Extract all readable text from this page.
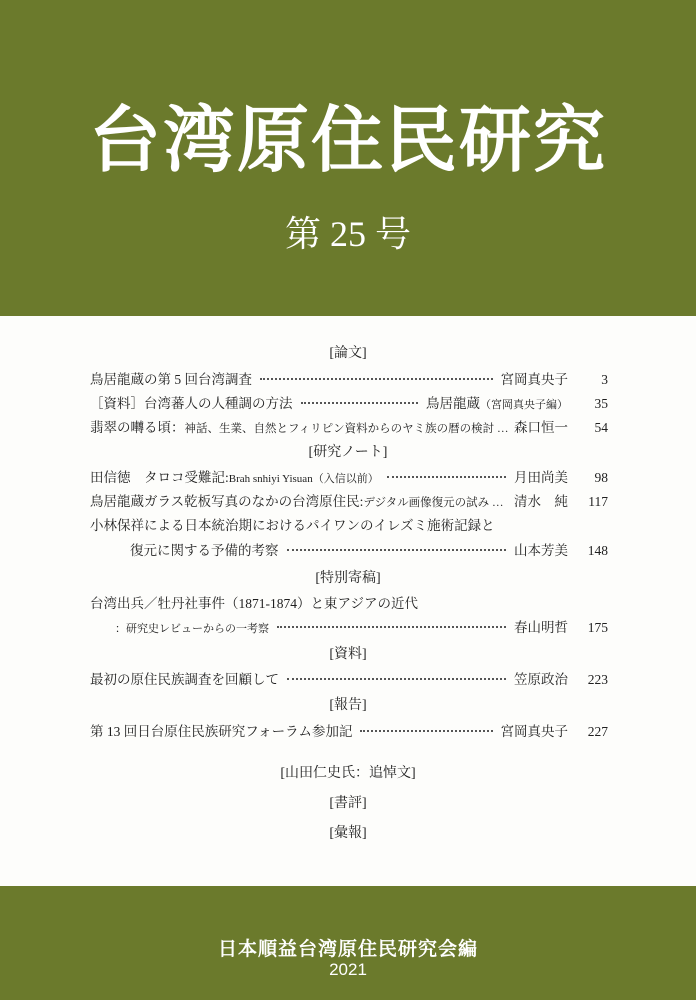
台湾原住民研究
第 25 号
[論文]
鳥居龍蔵の第 5 回台湾調査	宮岡真央子	3
［資料］台湾蕃人の人種調の方法	鳥居龍蔵 （宮岡真央子編）	35
翡翠の囀る頃： 神話、生業、自然とフィリピン資料からのヤミ族の暦の検討 … 森口恒一	54
[研究ノート]
田信徳　タロコ受難記: Brah snhiyi Yisuan（入信以前）	月田尚美	98
鳥居龍蔵ガラス乾板写真のなかの台湾原住民: デジタル画像復元の試み … 清水　純	117
小林保祥による日本統治期におけるパイワンのイレズミ施術記録と
復元に関する予備的考察	山本芳美	148
[特別寄稿]
台湾出兵／牡丹社事件（1871-1874）と東アジアの近代
：研究史レビューからの一考察	春山明哲	175
[資料]
最初の原住民族調査を回顧して	笠原政治	223
[報告]
第 13 回日台原住民族研究フォーラム参加記	宮岡真央子	227
[山田仁史氏：追悼文]
[書評]
[彙報]
日本順益台湾原住民研究会編
2021
